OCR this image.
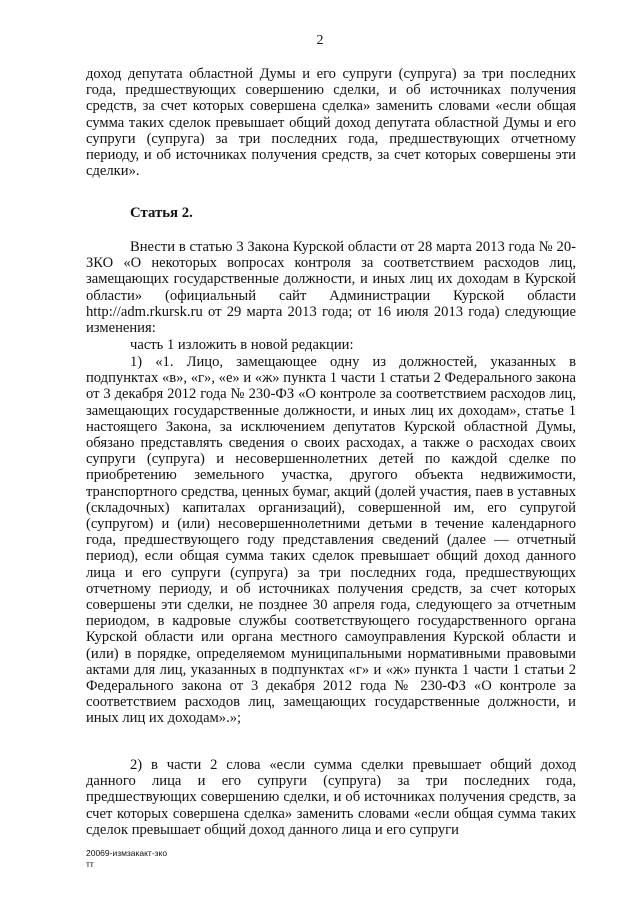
2

доход депутата областной Думы и его супруги (супруга) за три последних года, предшествующих совершению сделки, и об источниках получения средств, за счет которых совершена сделка» заменить словами «если общая сумма таких сделок превышает общий доход депутата областной Думы и его супруги (супруга) за три последних года, предшествующих отчетному периоду, и об источниках получения средств, за счет которых совершены эти сделки».

Статья 2.

Внести в статью 3 Закона Курской области от 28 марта 2013 года № 20-ЗКО «О некоторых вопросах контроля за соответствием расходов лиц, замещающих государственные должности, и иных лиц их доходам в Курской области» (официальный сайт Администрации Курской области http://adm.rkursk.ru от 29 марта 2013 года; от 16 июля 2013 года) следующие изменения:

часть 1 изложить в новой редакции:

1) «1. Лицо, замещающее одну из должностей, указанных в подпунктах «в», «г», «е» и «ж» пункта 1 части 1 статьи 2 Федерального закона от 3 декабря 2012 года № 230-ФЗ «О контроле за соответствием расходов лиц, замещающих государственные должности, и иных лиц их доходам», статье 1 настоящего Закона, за исключением депутатов Курской областной Думы, обязано представлять сведения о своих расходах, а также о расходах своих супруги (супруга) и несовершеннолетних детей по каждой сделке по приобретению земельного участка, другого объекта недвижимости, транспортного средства, ценных бумаг, акций (долей участия, паев в уставных (складочных) капиталах организаций), совершенной им, его супругой (супругом) и (или) несовершеннолетними детьми в течение календарного года, предшествующего году представления сведений (далее — отчетный период), если общая сумма таких сделок превышает общий доход данного лица и его супруги (супруга) за три последних года, предшествующих отчетному периоду, и об источниках получения средств, за счет которых совершены эти сделки, не позднее 30 апреля года, следующего за отчетным периодом, в кадровые службы соответствующего государственного органа Курской области или органа местного самоуправления Курской области и (или) в порядке, определяемом муниципальными нормативными правовыми актами для лиц, указанных в подпунктах «г» и «ж» пункта 1 части 1 статьи 2 Федерального закона от 3 декабря 2012 года № 230-ФЗ «О контроле за соответствием расходов лиц, замещающих государственные должности, и иных лиц их доходам».»;

2) в части 2 слова «если сумма сделки превышает общий доход данного лица и его супруги (супруга) за три последних года, предшествующих совершению сделки, и об источниках получения средств, за счет которых совершена сделка» заменить словами «если общая сумма таких сделок превышает общий доход данного лица и его супруги

20069-измзакакт-зко
тт
